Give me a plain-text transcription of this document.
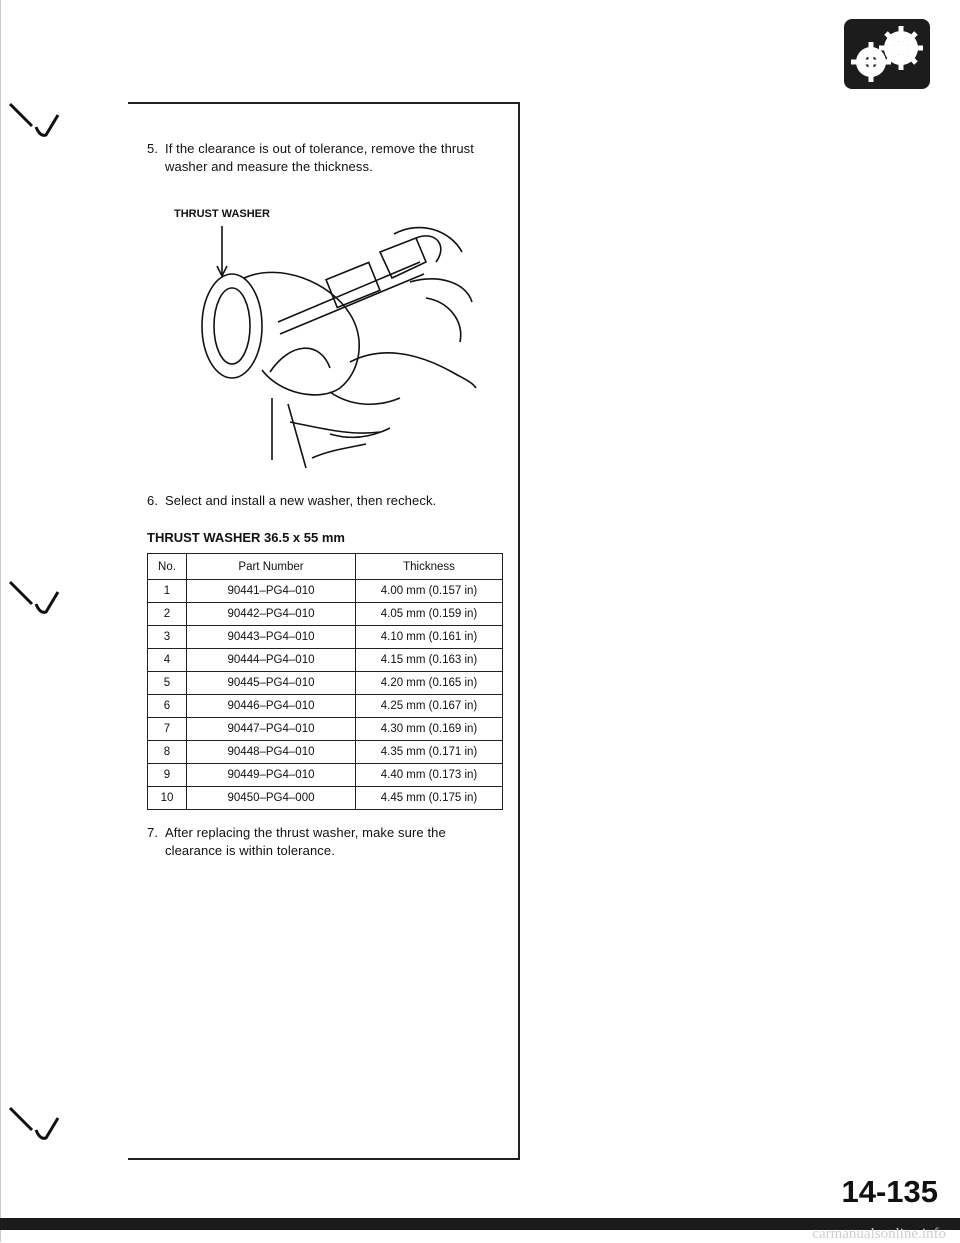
5. If the clearance is out of tolerance, remove the thrust
washer and measure the thickness.
THRUST WASHER
6. Select and install a new washer, then recheck.
THRUST WASHER 36.5 x 55 mm
No.	Part Number	Thickness
1	90441–PG4–010	4.00 mm (0.157 in)
2	90442–PG4–010	4.05 mm (0.159 in)
3	90443–PG4–010	4.10 mm (0.161 in)
4	90444–PG4–010	4.15 mm (0.163 in)
5	90445–PG4–010	4.20 mm (0.165 in)
6	90446–PG4–010	4.25 mm (0.167 in)
7	90447–PG4–010	4.30 mm (0.169 in)
8	90448–PG4–010	4.35 mm (0.171 in)
9	90449–PG4–010	4.40 mm (0.173 in)
10	90450–PG4–000	4.45 mm (0.175 in)
7. After replacing the thrust washer, make sure the
clearance is within tolerance.
14-135
carmanualsonline.info
